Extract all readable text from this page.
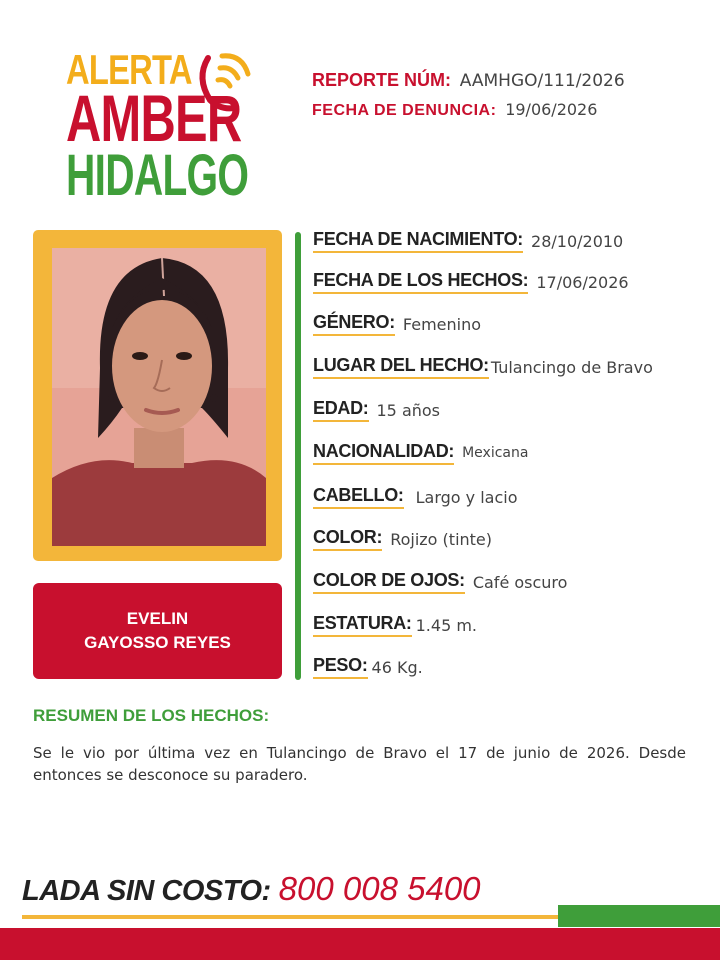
ALERTA
AMBER
HIDALGO
REPORTE NÚM: AAMHGO/111/2026
FECHA DE DENUNCIA: 19/06/2026
EVELIN
GAYOSSO REYES
FECHA DE NACIMIENTO: 28/10/2010
FECHA DE LOS HECHOS: 17/06/2026
GÉNERO: Femenino
LUGAR DEL HECHO: Tulancingo de Bravo
EDAD: 15 años
NACIONALIDAD: Mexicana
CABELLO: Largo y lacio
COLOR: Rojizo (tinte)
COLOR DE OJOS: Café oscuro
ESTATURA: 1.45 m.
PESO: 46 Kg.
RESUMEN DE LOS HECHOS:
Se le vio por última vez en Tulancingo de Bravo el 17 de junio de 2026. Desde entonces se desconoce su paradero.
LADA SIN COSTO: 800 008 5400
